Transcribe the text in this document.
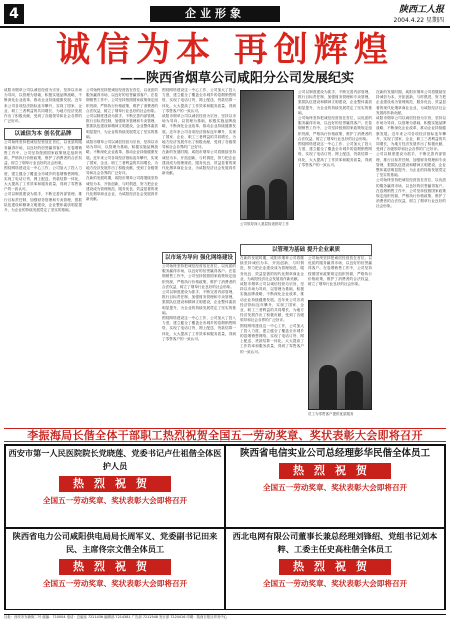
4	企业形象	陕西工人报
2004.4.22 星期四
诚信为本 再创辉煌
——陕西省烟草公司咸阳分公司发展纪实
咸阳市烟草公司以诚信经营为宗旨，坚持以市场为导向，以管理为基础，积极实施品牌战略，不断深化企业改革，推动企业持续健康发展。近年来公司各项经济指标连年攀升，实现了国家、企业、职工三者利益的共同增长，为地方经济发展作出了积极贡献，受到了各级领导和社会各界的广泛好评。
以诚信为本 创名优品牌
公司始终坚持把诚信经营放在首位，以优质的服务赢得市场，以良好的信誉赢得客户。在卷烟销售工作中，公司坚持按照国家政策规定组织货源，严格执行价格政策，维护了消费者的合法权益，树立了烟草行业良好的社会形象。
围绕网络建设这一中心工作，公司加大了投入力度，建立健全了覆盖全市城乡的卷烟销售网络，实现了电话订货、网上配送、货款结算一体化，大大提高了工作效率和服务质量，得到了零售客户的一致认可。
公司以制度建设为抓手，不断完善内部管理，推行目标责任制，加强财务管理和专卖管理，狠抓队伍建设和精神文明建设，企业整体素质明显提升，为企业的持续发展奠定了坚实的基础。
公司始终坚持把诚信经营放在首位，以优质的服务赢得市场，以良好的信誉赢得客户。在卷烟销售工作中，公司坚持按照国家政策规定组织货源，严格执行价格政策，维护了消费者的合法权益，树立了烟草行业良好的社会形象。
公司以制度建设为抓手，不断完善内部管理，推行目标责任制，加强财务管理和专卖管理，狠抓队伍建设和精神文明建设，企业整体素质明显提升，为企业的持续发展奠定了坚实的基础。
咸阳市烟草公司以诚信经营为宗旨，坚持以市场为导向，以管理为基础，积极实施品牌战略，不断深化企业改革，推动企业持续健康发展。近年来公司各项经济指标连年攀升，实现了国家、企业、职工三者利益的共同增长，为地方经济发展作出了积极贡献，受到了各级领导和社会各界的广泛好评。
在新的发展时期，咸阳市烟草公司将继续坚持诚信为本，开拓创新，与时俱进，努力把企业建设成为管理规范、服务优良、效益显著的现代化烟草商业企业，为咸阳经济社会发展再作新贡献。
围绕网络建设这一中心工作，公司加大了投入力度，建立健全了覆盖全市城乡的卷烟销售网络，实现了电话订货、网上配送、货款结算一体化，大大提高了工作效率和服务质量，得到了零售客户的一致认可。
咸阳市烟草公司以诚信经营为宗旨，坚持以市场为导向，以管理为基础，积极实施品牌战略，不断深化企业改革，推动企业持续健康发展。近年来公司各项经济指标连年攀升，实现了国家、企业、职工三者利益的共同增长，为地方经济发展作出了积极贡献，受到了各级领导和社会各界的广泛好评。
在新的发展时期，咸阳市烟草公司将继续坚持诚信为本，开拓创新，与时俱进，努力把企业建设成为管理规范、服务优良、效益显著的现代化烟草商业企业，为咸阳经济社会发展再作新贡献。
公司领导深入基层检查指导工作
公司以制度建设为抓手，不断完善内部管理，推行目标责任制，加强财务管理和专卖管理，狠抓队伍建设和精神文明建设，企业整体素质明显提升，为企业的持续发展奠定了坚实的基础。
公司始终坚持把诚信经营放在首位，以优质的服务赢得市场，以良好的信誉赢得客户。在卷烟销售工作中，公司坚持按照国家政策规定组织货源，严格执行价格政策，维护了消费者的合法权益，树立了烟草行业良好的社会形象。
围绕网络建设这一中心工作，公司加大了投入力度，建立健全了覆盖全市城乡的卷烟销售网络，实现了电话订货、网上配送、货款结算一体化，大大提高了工作效率和服务质量，得到了零售客户的一致认可。
在新的发展时期，咸阳市烟草公司将继续坚持诚信为本，开拓创新，与时俱进，努力把企业建设成为管理规范、服务优良、效益显著的现代化烟草商业企业，为咸阳经济社会发展再作新贡献。
咸阳市烟草公司以诚信经营为宗旨，坚持以市场为导向，以管理为基础，积极实施品牌战略，不断深化企业改革，推动企业持续健康发展。近年来公司各项经济指标连年攀升，实现了国家、企业、职工三者利益的共同增长，为地方经济发展作出了积极贡献，受到了各级领导和社会各界的广泛好评。
公司以制度建设为抓手，不断完善内部管理，推行目标责任制，加强财务管理和专卖管理，狠抓队伍建设和精神文明建设，企业整体素质明显提升，为企业的持续发展奠定了坚实的基础。
公司始终坚持把诚信经营放在首位，以优质的服务赢得市场，以良好的信誉赢得客户。在卷烟销售工作中，公司坚持按照国家政策规定组织货源，严格执行价格政策，维护了消费者的合法权益，树立了烟草行业良好的社会形象。
以市场为导向 强化网络建设
公司始终坚持把诚信经营放在首位，以优质的服务赢得市场，以良好的信誉赢得客户。在卷烟销售工作中，公司坚持按照国家政策规定组织货源，严格执行价格政策，维护了消费者的合法权益，树立了烟草行业良好的社会形象。
公司以制度建设为抓手，不断完善内部管理，推行目标责任制，加强财务管理和专卖管理，狠抓队伍建设和精神文明建设，企业整体素质明显提升，为企业的持续发展奠定了坚实的基础。
围绕网络建设这一中心工作，公司加大了投入力度，建立健全了覆盖全市城乡的卷烟销售网络，实现了电话订货、网上配送、货款结算一体化，大大提高了工作效率和服务质量，得到了零售客户的一致认可。
以管理为基础 提升企业素质
在新的发展时期，咸阳市烟草公司将继续坚持诚信为本，开拓创新，与时俱进，努力把企业建设成为管理规范、服务优良、效益显著的现代化烟草商业企业，为咸阳经济社会发展再作新贡献。
咸阳市烟草公司以诚信经营为宗旨，坚持以市场为导向，以管理为基础，积极实施品牌战略，不断深化企业改革，推动企业持续健康发展。近年来公司各项经济指标连年攀升，实现了国家、企业、职工三者利益的共同增长，为地方经济发展作出了积极贡献，受到了各级领导和社会各界的广泛好评。
围绕网络建设这一中心工作，公司加大了投入力度，建立健全了覆盖全市城乡的卷烟销售网络，实现了电话订货、网上配送、货款结算一体化，大大提高了工作效率和服务质量，得到了零售客户的一致认可。
员工为零售客户提供优质服务
公司始终坚持把诚信经营放在首位，以优质的服务赢得市场，以良好的信誉赢得客户。在卷烟销售工作中，公司坚持按照国家政策规定组织货源，严格执行价格政策，维护了消费者的合法权益，树立了烟草行业良好的社会形象。
李振海局长偕全体干部职工热烈祝贺全国五一劳动奖章、奖状表彰大会即将召开
西安市第一人民医院院长党晓莲、党委书记卢仕祖偕全体医护人员
热烈祝贺
全国五一劳动奖章、奖状表彰大会即将召开
陕西省电信实业公司总经理彭华民偕全体员工
热烈祝贺
全国五一劳动奖章、奖状表彰大会即将召开
陕西省电力公司咸阳供电局局长周军义、党委副书记田来民、主席佟宗文偕全体员工
热烈祝贺
全国五一劳动奖章、奖状表彰大会即将召开
西北电网有限公司董事长兼总经理刘锋绍、党组书记刘本粹、工委主任史高柱偕全体员工
热烈祝贺
全国五一劳动奖章、奖状表彰大会即将召开
社址：西安市东新街二号 邮编：710004 电话：总编室 7221436 编辑部 7214381 广告部 7212548 发行部 7220416 印刷：陕西日报社印务中心
